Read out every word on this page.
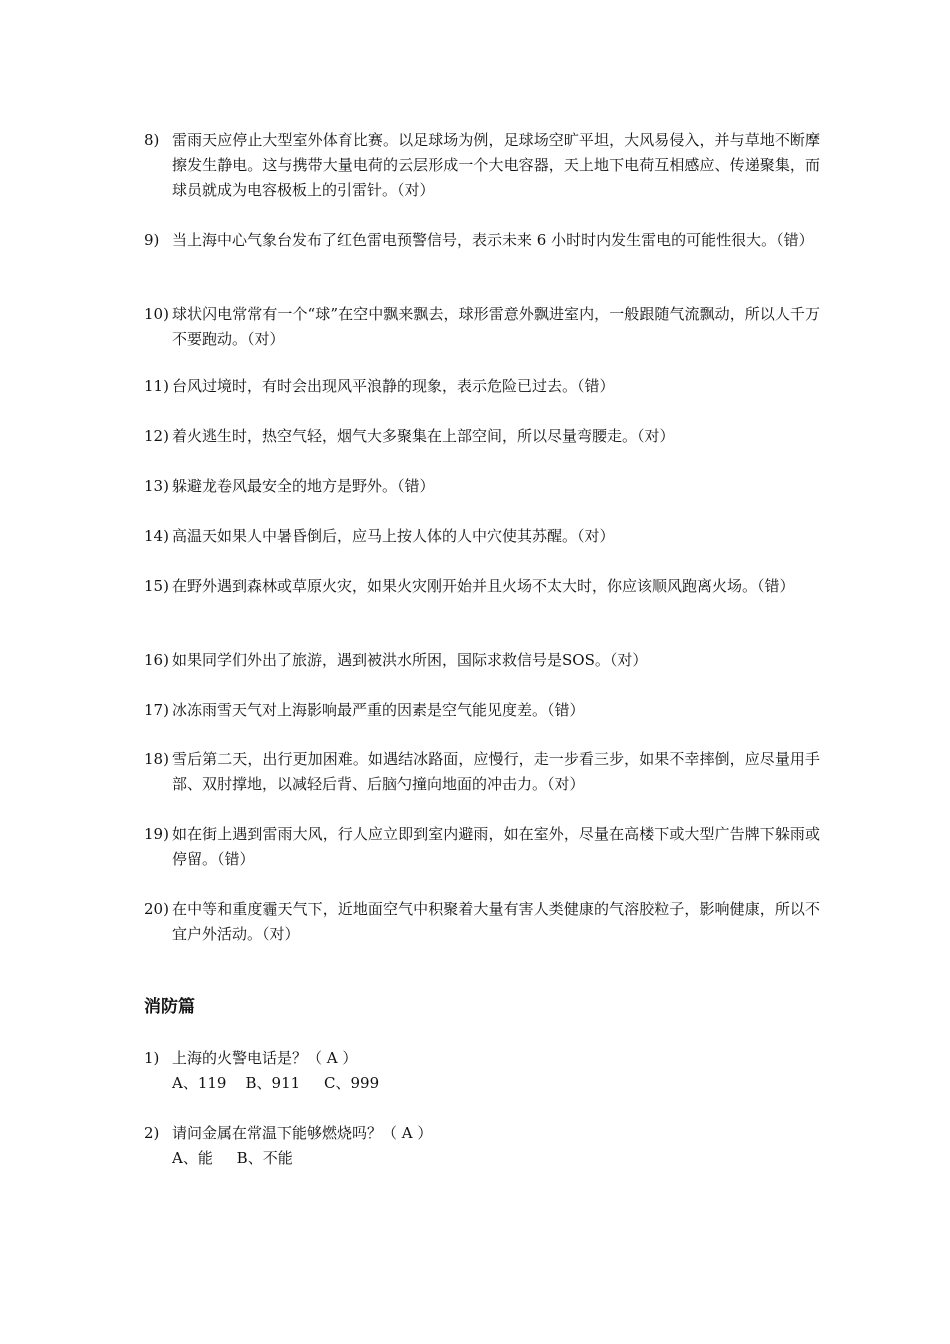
8) 雷雨天应停止大型室外体育比赛。以足球场为例，足球场空旷平坦，大风易侵入，并与草地不断摩擦发生静电。这与携带大量电荷的云层形成一个大电容器，天上地下电荷互相感应、传递聚集，而球员就成为电容极板上的引雷针。（对）
9) 当上海中心气象台发布了红色雷电预警信号，表示未来 6 小时时内发生雷电的可能性很大。（错）
10) 球状闪电常常有一个“球”在空中飘来飘去，球形雷意外飘进室内，一般跟随气流飘动，所以人千万不要跑动。（对）
11) 台风过境时，有时会出现风平浪静的现象，表示危险已过去。（错）
12) 着火逃生时，热空气轻，烟气大多聚集在上部空间，所以尽量弯腰走。（对）
13) 躲避龙卷风最安全的地方是野外。（错）
14) 高温天如果人中暑昏倒后，应马上按人体的人中穴使其苏醒。（对）
15) 在野外遇到森林或草原火灾，如果火灾刚开始并且火场不太大时，你应该顺风跑离火场。（错）
16) 如果同学们外出了旅游，遇到被洪水所困，国际求救信号是SOS。（对）
17) 冰冻雨雪天气对上海影响最严重的因素是空气能见度差。（错）
18) 雪后第二天，出行更加困难。如遇结冰路面，应慢行，走一步看三步，如果不幸摔倒，应尽量用手部、双肘撑地，以减轻后背、后脑勺撞向地面的冲击力。（对）
19) 如在街上遇到雷雨大风，行人应立即到室内避雨，如在室外，尽量在高楼下或大型广告牌下躲雨或停留。（错）
20) 在中等和重度霾天气下，近地面空气中积聚着大量有害人类健康的气溶胶粒子，影响健康，所以不宜户外活动。（对）
消防篇
1) 上海的火警电话是？（ A ）
A、119    B、911     C、999
2) 请问金属在常温下能够燃烧吗？（ A ）
A、能     B、不能
